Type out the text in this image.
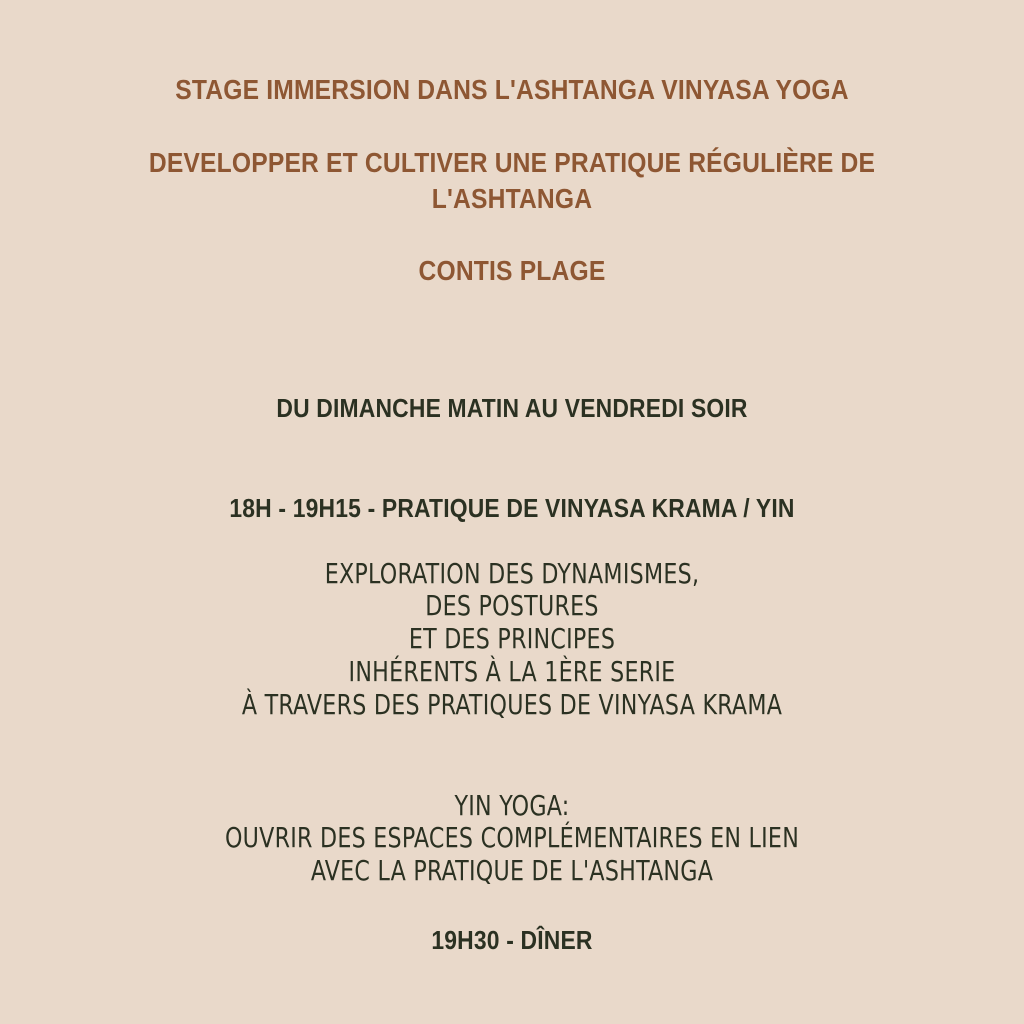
STAGE IMMERSION DANS L'ASHTANGA VINYASA YOGA

DEVELOPPER ET CULTIVER UNE PRATIQUE RÉGULIÈRE DE

L'ASHTANGA

CONTIS PLAGE

DU DIMANCHE MATIN AU VENDREDI SOIR

18H - 19H15 - PRATIQUE DE VINYASA KRAMA / YIN

EXPLORATION DES DYNAMISMES,

DES POSTURES

ET DES PRINCIPES

INHÉRENTS À LA 1ÈRE SERIE

À TRAVERS DES PRATIQUES DE VINYASA KRAMA

YIN YOGA:

OUVRIR DES ESPACES COMPLÉMENTAIRES EN LIEN

AVEC LA PRATIQUE DE L'ASHTANGA

19H30 - DÎNER
